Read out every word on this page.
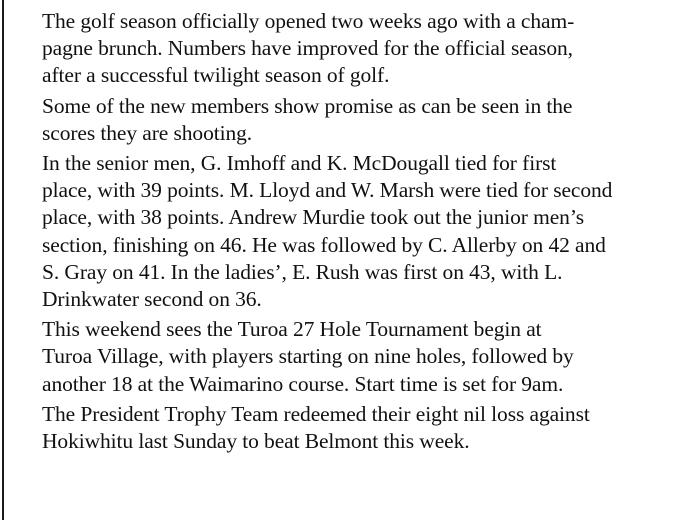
The golf season officially opened two weeks ago with a cham-
pagne brunch. Numbers have improved for the official season,
after a successful twilight season of golf.

Some of the new members show promise as can be seen in the
scores they are shooting.

In the senior men, G. Imhoff and K. McDougall tied for first
place, with 39 points. M. Lloyd and W. Marsh were tied for second
place, with 38 points. Andrew Murdie took out the junior men’s
section, finishing on 46. He was followed by C. Allerby on 42 and
S. Gray on 41. In the ladies’, E. Rush was first on 43, with L.
Drinkwater second on 36.

This weekend sees the Turoa 27 Hole Tournament begin at
Turoa Village, with players starting on nine holes, followed by
another 18 at the Waimarino course. Start time is set for 9am.

The President Trophy Team redeemed their eight nil loss against
Hokiwhitu last Sunday to beat Belmont this week.
